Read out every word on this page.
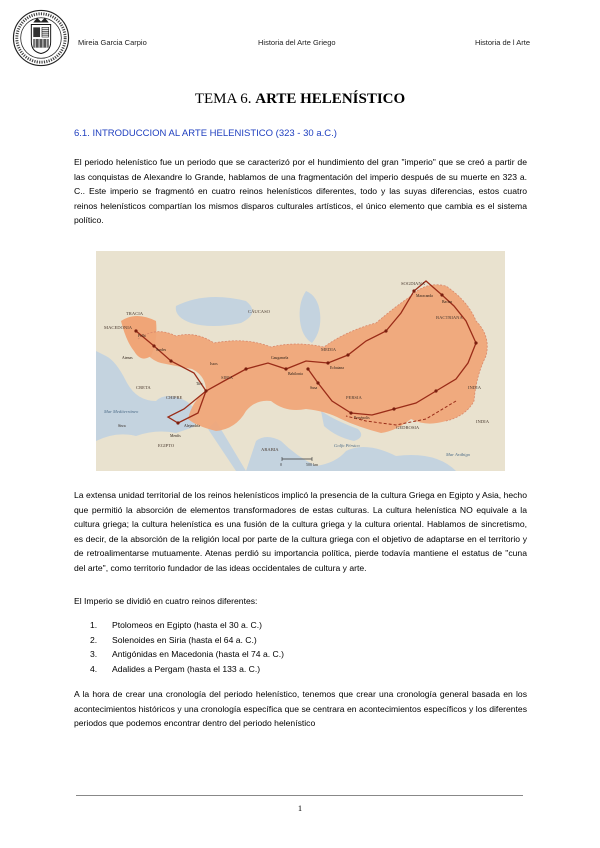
Mireia Garcia Carpio	Historia del Arte Griego	Historia de l Arte
TEMA 6. ARTE HELENÍSTICO
6.1. INTRODUCCION AL ARTE HELENISTICO (323 - 30 a.C.)
El periodo helenístico fue un periodo que se caracterizó por el hundimiento del gran "imperio" que se creó a partir de las conquistas de Alexandre lo Grande, hablamos de una fragmentación del imperio después de su muerte en 323 a. C.. Este imperio se fragmentó en cuatro reinos helenísticos diferentes, todo y las suyas diferencias, estos cuatro reinos helenísticos compartían los mismos disparos culturales artísticos, el único elemento que cambia es el sistema político.
MACEDONIA
TRACIA	CÁUCASO
SOGDIANA
BACTRIANA
MEDIA
SIRIA
CHIPRE
CRETA
EGIPTO
ARABIA
PERSIA
GEDROSIA
INDIA
INDIA
Mar Mediterráneo
Mar Arábigo
Golfo Pérsico
Alejandría
Babilonia
Susa
Persépolis
Gaugamela
Issos
Tiro
Siwa
Menfis
Bactra
Maracanda
Ecbatana
Sardes
Pella
Atenas
0	500 km
La extensa unidad territorial de los reinos helenísticos implicó la presencia de la cultura Griega en Egipto y Asia, hecho que permitió la absorción de elementos transformadores de estas culturas. La cultura helenística NO equivale a la cultura griega; la cultura helenística es una fusión de la cultura griega y la cultura oriental. Hablamos de sincretismo, es decir, de la absorción de la religión local por parte de la cultura griega con el objetivo de adaptarse en el territorio y de retroalimentarse mutuamente. Atenas perdió su importancia política, pierde todavía mantiene el estatus de "cuna del arte", como territorio fundador de las ideas occidentales de cultura y arte.
El Imperio se dividió en cuatro reinos diferentes:
1.	Ptolomeos en Egipto (hasta el 30 a. C.)
2.	Solenoides en Siria (hasta el 64 a. C.)
3.	Antigónidas en Macedonia (hasta el 74 a. C.)
4.	Adalides a Pergam (hasta el 133 a. C.)
A la hora de crear una cronología del periodo helenístico, tenemos que crear una cronología general basada en los acontecimientos históricos y una cronología específica que se centrara en acontecimientos específicos y los diferentes periodos que podemos encontrar dentro del periodo helenístico
1
